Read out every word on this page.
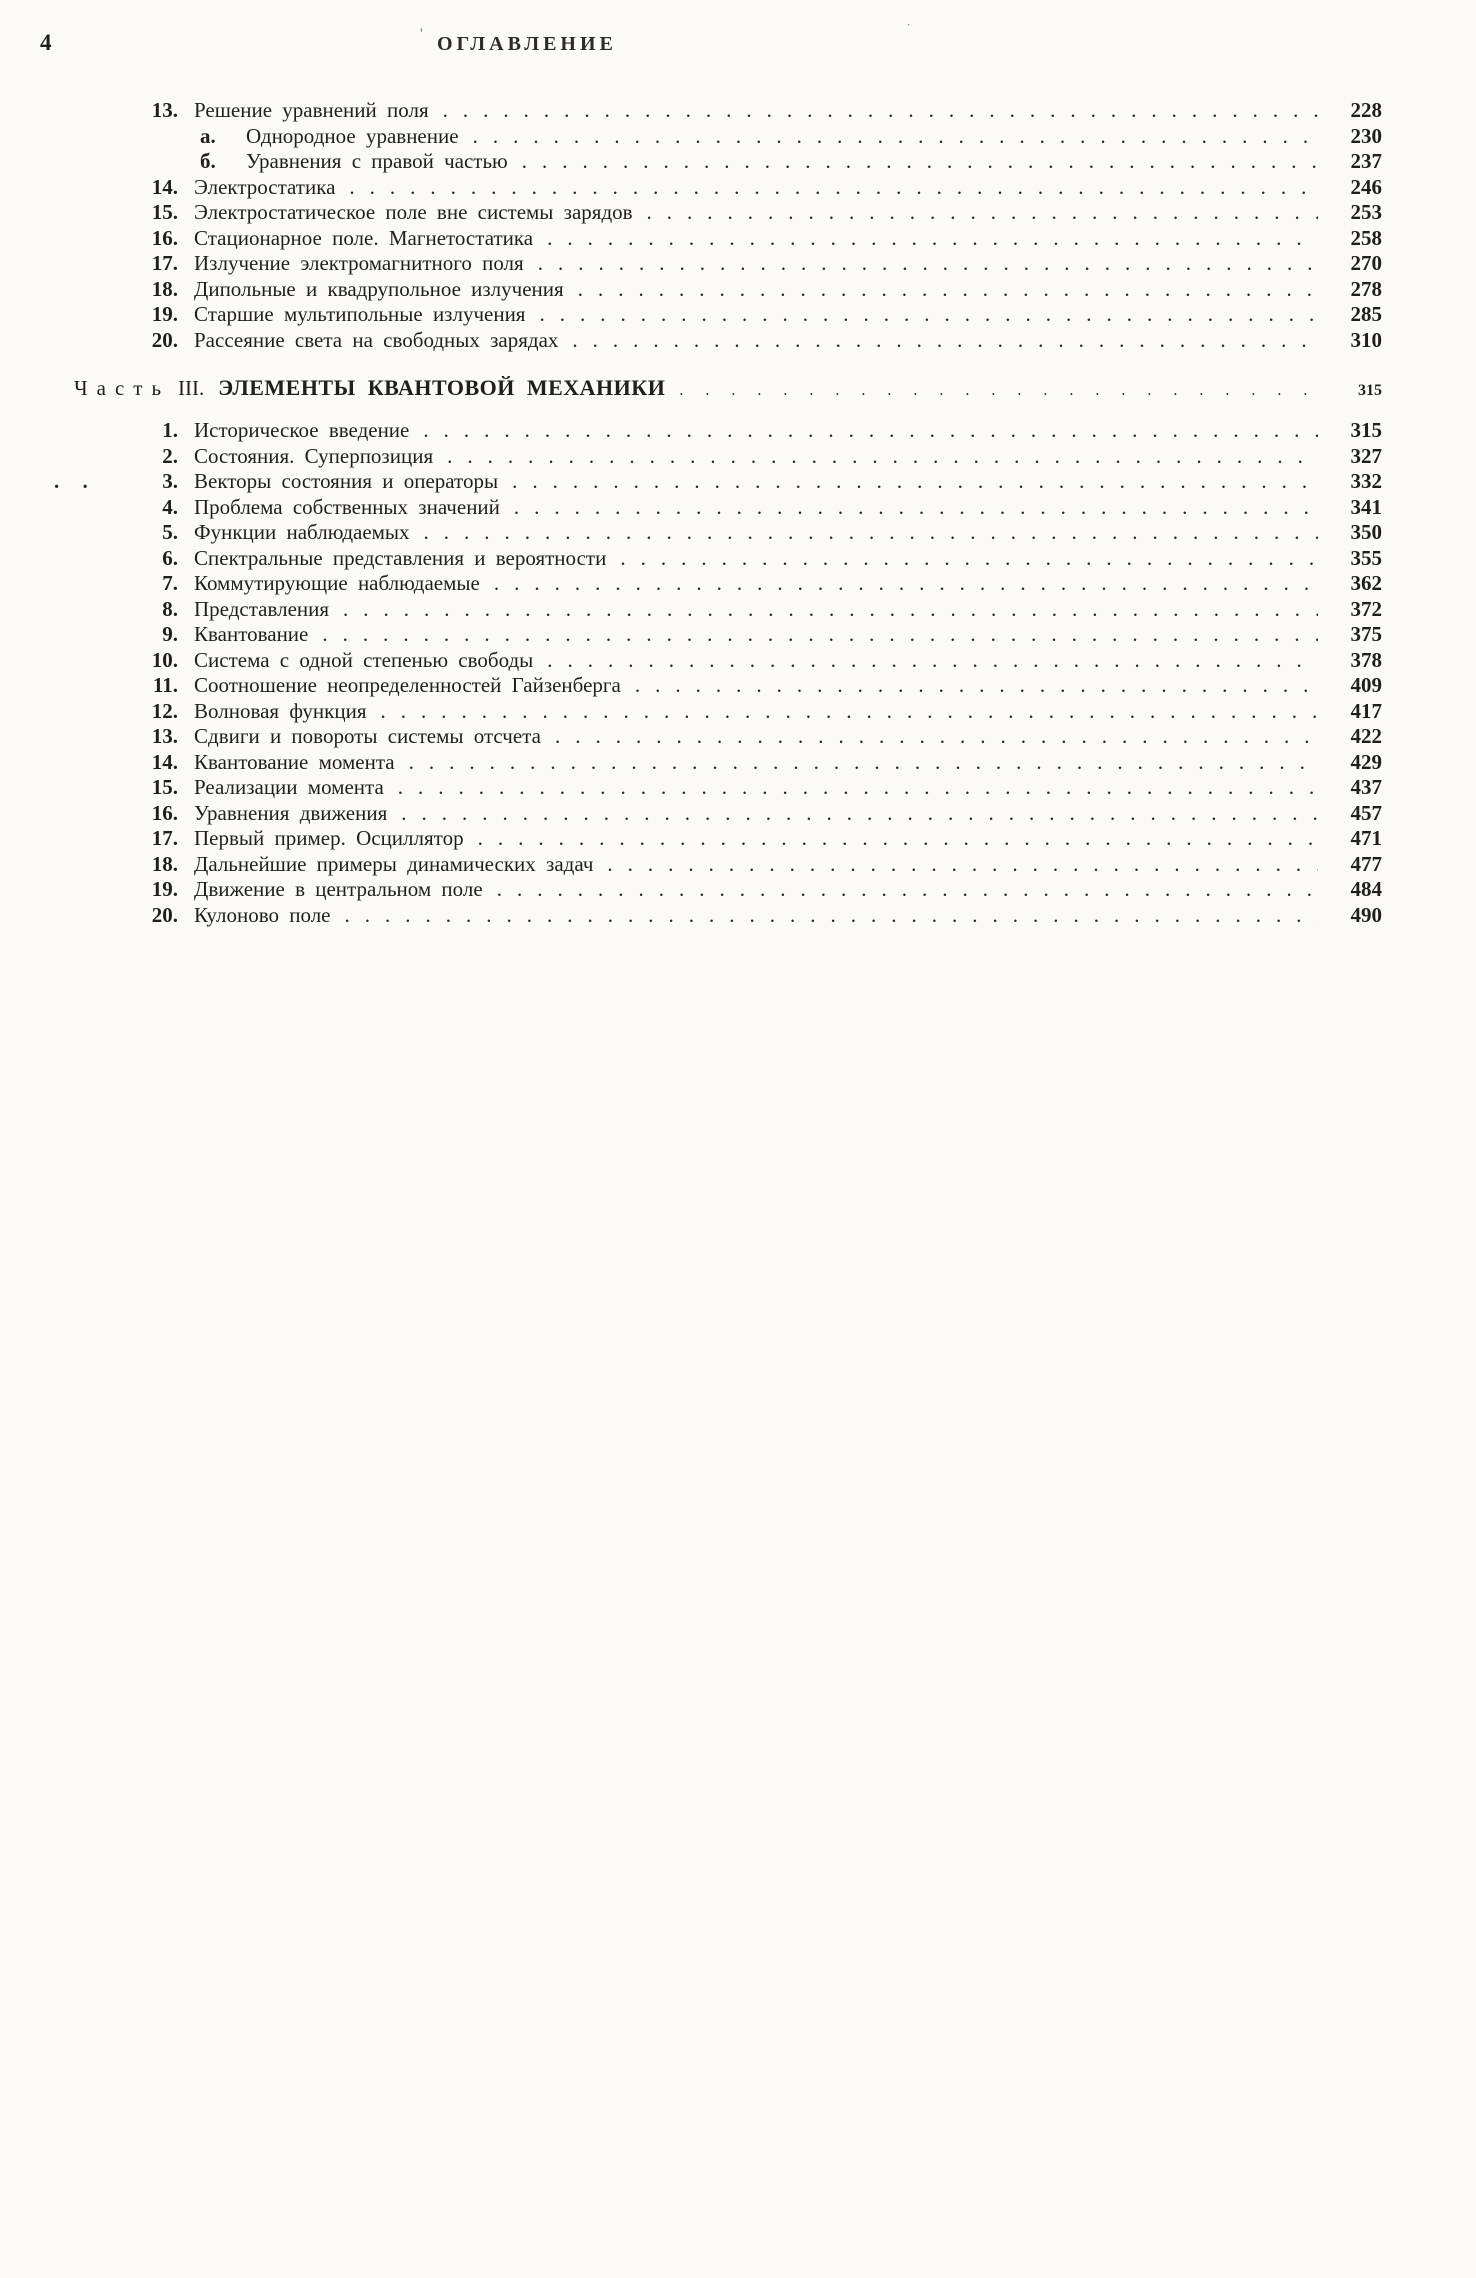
4	' ОГЛАВЛЕНИЕ
˙
13. Решение уравнений поля .....	228
а.	Однородное уравнение .....	230
б.	Уравнения с правой частью .....	237
14. Электростатика .....	246
15. Электростатическое поле вне системы зарядов .....	253
16. Стационарное поле. Магнетостатика .....	258
17. Излучение электромагнитного поля .....	270
18. Дипольные и квадрупольное излучения .....	278
19. Старшие мультипольные излучения .....	285
20. Рассеяние света на свободных зарядах .....	310
Часть III. ЭЛЕМЕНТЫ КВАНТОВОЙ МЕХАНИКИ .....	315
. .
1. Историческое введение .....	315
2. Состояния. Суперпозиция .....	327
3. Векторы состояния и операторы .....	332
4. Проблема собственных значений .....	341
5. Функции наблюдаемых .....	350
6. Спектральные представления и вероятности .....	355
7. Коммутирующие наблюдаемые .....	362
8. Представления .....	372
9. Квантование .....	375
10. Система с одной степенью свободы .....	378
11. Соотношение неопределенностей Гайзенберга .....	409
12. Волновая функция .....	417
13. Сдвиги и повороты системы отсчета .....	422
14. Квантование момента .....	429
15. Реализации момента .....	437
16. Уравнения движения .....	457
17. Первый пример. Осциллятор .....	471
18. Дальнейшие примеры динамических задач .....	477
19. Движение в центральном поле .....	484
20. Кулоново поле .....	490
